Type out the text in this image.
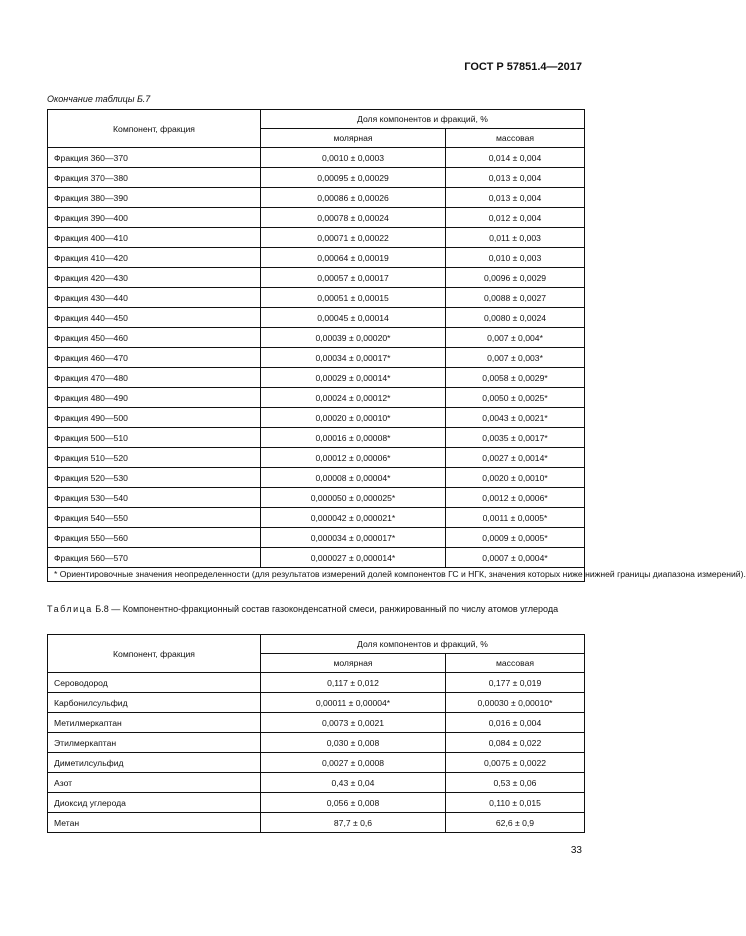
ГОСТ Р 57851.4—2017
Окончание таблицы Б.7
Компонент, фракция	Доля компонентов и фракций, %	
	молярная	массовая
Фракция 360—370	0,0010 ± 0,0003	0,014 ± 0,004
Фракция 370—380	0,00095 ± 0,00029	0,013 ± 0,004
Фракция 380—390	0,00086 ± 0,00026	0,013 ± 0,004
Фракция 390—400	0,00078 ± 0,00024	0,012 ± 0,004
Фракция 400—410	0,00071 ± 0,00022	0,011 ± 0,003
Фракция 410—420	0,00064 ± 0,00019	0,010 ± 0,003
Фракция 420—430	0,00057 ± 0,00017	0,0096 ± 0,0029
Фракция 430—440	0,00051 ± 0,00015	0,0088 ± 0,0027
Фракция 440—450	0,00045 ± 0,00014	0,0080 ± 0,0024
Фракция 450—460	0,00039 ± 0,00020*	0,007 ± 0,004*
Фракция 460—470	0,00034 ± 0,00017*	0,007 ± 0,003*
Фракция 470—480	0,00029 ± 0,00014*	0,0058 ± 0,0029*
Фракция 480—490	0,00024 ± 0,00012*	0,0050 ± 0,0025*
Фракция 490—500	0,00020 ± 0,00010*	0,0043 ± 0,0021*
Фракция 500—510	0,00016 ± 0,00008*	0,0035 ± 0,0017*
Фракция 510—520	0,00012 ± 0,00006*	0,0027 ± 0,0014*
Фракция 520—530	0,00008 ± 0,00004*	0,0020 ± 0,0010*
Фракция 530—540	0,000050 ± 0,000025*	0,0012 ± 0,0006*
Фракция 540—550	0,000042 ± 0,000021*	0,0011 ± 0,0005*
Фракция 550—560	0,000034 ± 0,000017*	0,0009 ± 0,0005*
Фракция 560—570	0,000027 ± 0,000014*	0,0007 ± 0,0004*
* Ориентировочные значения неопределенности (для результатов измерений долей компонентов ГС и НГК, значения которых ниже нижней границы диапазона измерений).		
Таблица Б.8 — Компонентно-фракционный состав газоконденсатной смеси, ранжированный по числу атомов углерода
Компонент, фракция	Доля компонентов и фракций, %	
	молярная	массовая
Сероводород	0,117 ± 0,012	0,177 ± 0,019
Карбонилсульфид	0,00011 ± 0,00004*	0,00030 ± 0,00010*
Метилмеркаптан	0,0073 ± 0,0021	0,016 ± 0,004
Этилмеркаптан	0,030 ± 0,008	0,084 ± 0,022
Диметилсульфид	0,0027 ± 0,0008	0,0075 ± 0,0022
Азот	0,43 ± 0,04	0,53 ± 0,06
Диоксид углерода	0,056 ± 0,008	0,110 ± 0,015
Метан	87,7 ± 0,6	62,6 ± 0,9
33
